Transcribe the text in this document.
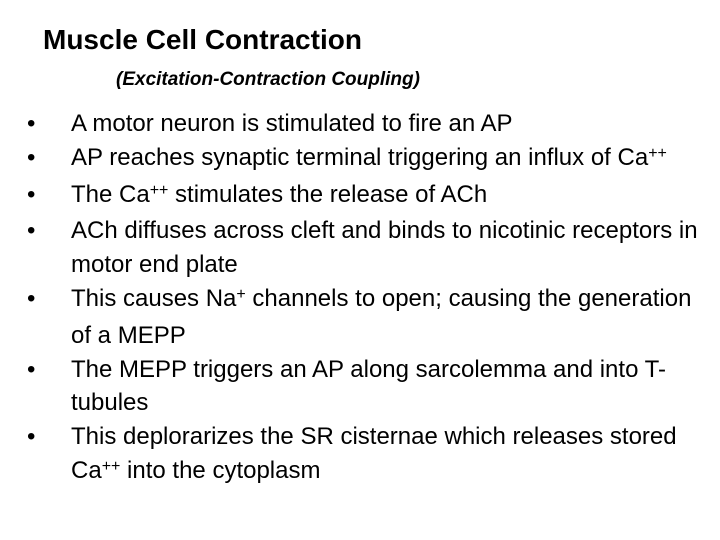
Muscle Cell Contraction
(Excitation-Contraction Coupling)
•	A motor neuron is stimulated to fire an AP
•	AP reaches synaptic terminal triggering an influx of Ca++
•	The Ca++ stimulates the release of ACh
•	ACh diffuses across cleft and binds to nicotinic receptors in motor end plate
•	This causes Na+ channels to open; causing the generation of a MEPP
•	The MEPP triggers an AP along sarcolemma and into T-tubules
•	This deplorarizes the SR cisternae which releases stored Ca++ into the cytoplasm
